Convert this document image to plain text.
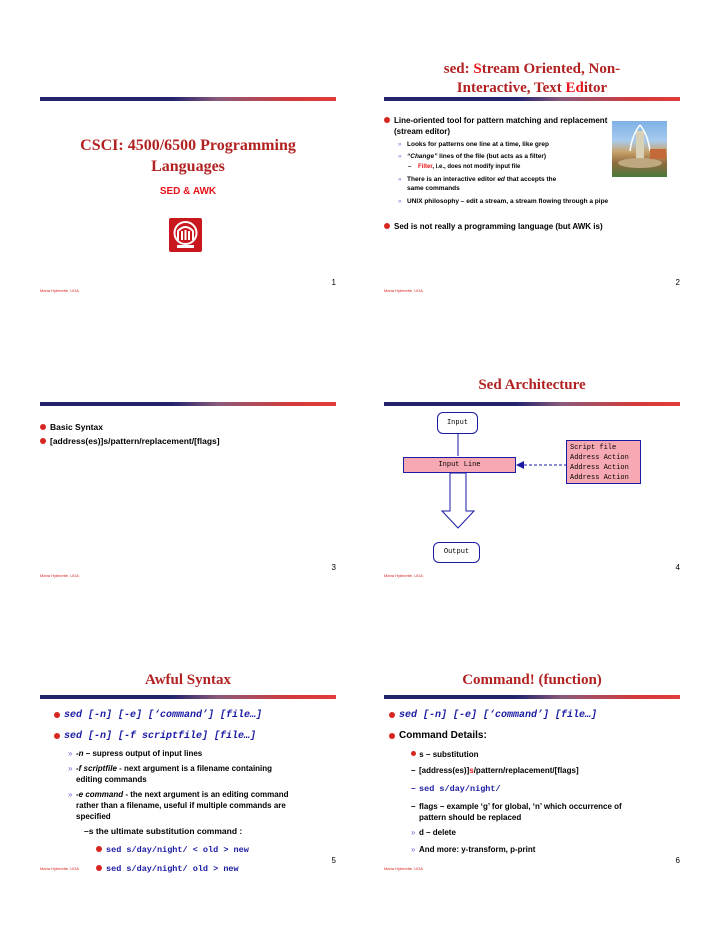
CSCI: 4500/6500 Programming
Languages
SED & AWK
Maria Hybinette, UGA
1
sed: Stream Oriented, Non-
Interactive, Text Editor
Line-oriented tool for pattern matching and replacement (stream editor)
» Looks for patterns one line at a time, like grep
» “Change” lines of the file (but acts as a filter)
– Filter, i.e., does not modify input file
» There is an interactive editor ed that accepts the same commands
» UNIX philosophy – edit a stream, a stream flowing through a pipe
Sed is not really a programming language (but AWK is)
Maria Hybinette, UGA
2
Basic Syntax
[address(es)]s/pattern/replacement/[flags]
Maria Hybinette, UGA
3
Sed Architecture
Input
Input Line
Script file
Address Action
Address Action
Address Action
Output
Maria Hybinette, UGA
4
Awful Syntax
sed [-n] [-e] [‘command’] [file…]
sed [-n] [-f scriptfile] [file…]
» -n – supress output of input lines
» -f scriptfile - next argument is a filename containing editing commands
» -e command - the next argument is an editing command rather than a filename, useful if multiple commands are specified
–s the ultimate substitution command :
sed s/day/night/ < old > new
sed s/day/night/ old > new
Maria Hybinette, UGA
5
Command! (function)
sed [-n] [-e] [‘command’] [file…]
Command Details:
s – substitution
– [address(es)]s/pattern/replacement/[flags]
– sed s/day/night/
– flags – example ‘g’ for global, ‘n’ which occurrence of pattern should be replaced
» d – delete
» And more: y-transform, p-print
Maria Hybinette, UGA
6
